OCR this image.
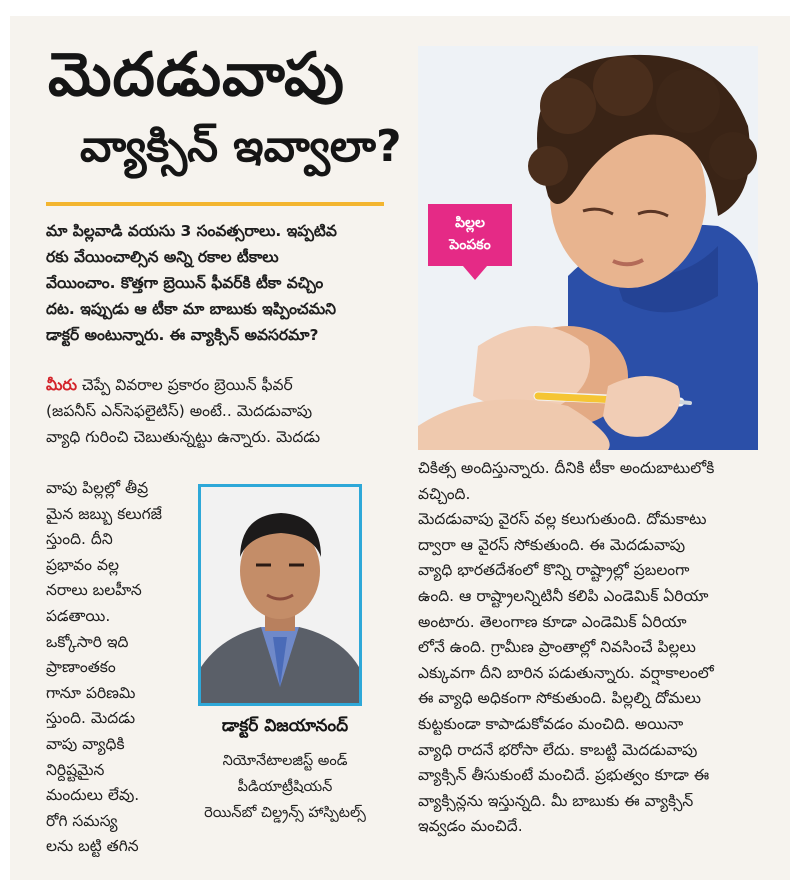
మెదడువాపు
వ్యాక్సిన్ ఇవ్వాలా?
మా పిల్లవాడి వయసు 3 సంవత్సరాలు. ఇప్పటివ
రకు వేయించాల్సిన అన్ని రకాల టీకాలు
వేయించాం. కొత్తగా బ్రెయిన్ ఫీవర్‌కి టీకా వచ్చిం
దట. ఇప్పుడు ఆ టీకా మా బాబుకు ఇప్పించమని
డాక్టర్ అంటున్నారు. ఈ వ్యాక్సిన్ అవసరమా?
మీరు చెప్పే వివరాల ప్రకారం బ్రెయిన్ ఫీవర్
(జపనీస్ ఎన్‌సెఫలైటిస్) అంటే.. మెదడువాపు
వ్యాధి గురించి చెబుతున్నట్టు ఉన్నారు. మెదడు
వాపు పిల్లల్లో తీవ్ర
మైన జబ్బు కలుగజే
స్తుంది. దీని
ప్రభావం వల్ల
నరాలు బలహీన
పడతాయి.
ఒక్కోసారి ఇది
ప్రాణాంతకం
గానూ పరిణమి
స్తుంది. మెదడు
వాపు వ్యాధికి
నిర్దిష్టమైన
మందులు లేవు.
రోగి సమస్య
లను బట్టి తగిన
చికిత్స అందిస్తున్నారు. దీనికి టీకా అందుబాటులోకి
వచ్చింది.
మెదడువాపు వైరస్ వల్ల కలుగుతుంది. దోమకాటు
ద్వారా ఆ వైరస్ సోకుతుంది. ఈ మెదడువాపు
వ్యాధి భారతదేశంలో కొన్ని రాష్ట్రాల్లో ప్రబలంగా
ఉంది. ఆ రాష్ట్రాలన్నిటినీ కలిపి ఎండెమిక్ ఏరియా
అంటారు. తెలంగాణ కూడా ఎండెమిక్ ఏరియా
లోనే ఉంది. గ్రామీణ ప్రాంతాల్లో నివసించే పిల్లలు
ఎక్కువగా దీని బారిన పడుతున్నారు. వర్షాకాలంలో
ఈ వ్యాధి అధికంగా సోకుతుంది. పిల్లల్ని దోమలు
కుట్టకుండా కాపాడుకోవడం మంచిది. అయినా
వ్యాధి రాదనే భరోసా లేదు. కాబట్టి మెదడువాపు
వ్యాక్సిన్ తీసుకుంటే మంచిదే. ప్రభుత్వం కూడా ఈ
వ్యాక్సిన్లను ఇస్తున్నది. మీ బాబుకు ఈ వ్యాక్సిన్
ఇవ్వడం మంచిదే.
పిల్లల
పెంపకం
డాక్టర్ విజయానంద్
నియోనేటాలజిస్ట్ అండ్
పీడియాట్రీషియన్
రెయిన్‌బో చిల్డ్రన్స్ హాస్పిటల్స్
